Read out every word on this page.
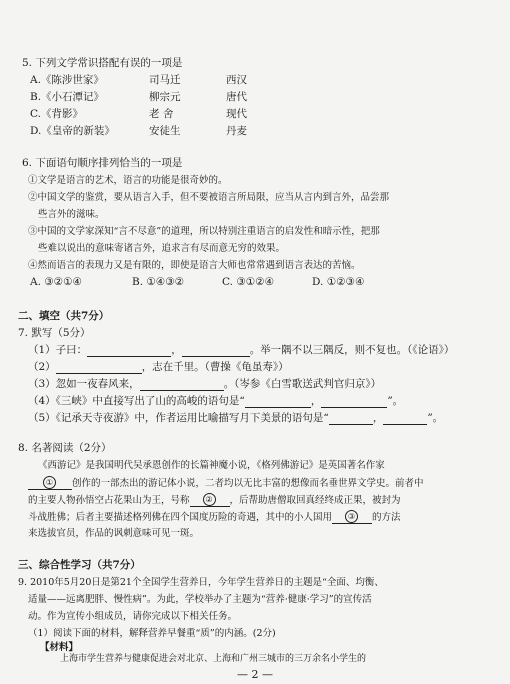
5. 下列文学常识搭配有误的一项是
A.《陈涉世家》	司马迁	西汉
B.《小石潭记》	柳宗元	唐代
C.《背影》	老 舍	现代
D.《皇帝的新装》	安徒生	丹麦
6. 下面语句顺序排列恰当的一项是
①文学是语言的艺术，语言的功能是很奇妙的。
②中国文学的鉴赏，要从语言入手，但不要被语言所局限，应当从言内到言外，品尝那
些言外的滋味。
③中国的文学家深知“言不尽意”的道理，所以特别注重语言的启发性和暗示性，把那
些难以说出的意味寄诸言外，追求言有尽而意无穷的效果。
④然而语言的表现力又是有限的，即使是语言大师也常常遇到语言表达的苦恼。
A. ③②①④	B. ①④③②	C. ③①②④	D. ①②③④
二、填空（共7分）
7. 默写（5分）
（1）子曰：	，	。举一隅不以三隅反，则不复也。（《论语》）
（2）	，志在千里。（曹操《龟虽寿》）
（3）忽如一夜春风来，	。（岑参《白雪歌送武判官归京》）
（4）《三峡》中直接写出了山的高峻的语句是“	，	”。
（5）《记承天寺夜游》中，作者运用比喻描写月下美景的语句是“	，	”。
8. 名著阅读（2分）
《西游记》是我国明代吴承恩创作的长篇神魔小说，《格列佛游记》是英国著名作家
① 创作的一部杰出的游记体小说，二者均以无比丰富的想像而名垂世界文学史。前者中
的主要人物孙悟空占花果山为王，号称 ② ，后帮助唐僧取回真经终成正果，被封为
斗战胜佛；后者主要描述格列佛在四个国度历险的奇遇，其中的小人国用 ③ 的方法
来选拔官员，作品的讽刺意味可见一斑。
三、综合性学习（共7分）
9. 2010年5月20日是第21个全国学生营养日，今年学生营养日的主题是“全面、均衡、
适量——远离肥胖、慢性病”。为此，学校举办了主题为“营养·健康·学习”的宣传活
动。作为宣传小组成员，请你完成以下相关任务。
（1）阅读下面的材料，解释营养早餐重“质”的内涵。(2分)
【材料】
上海市学生营养与健康促进会对北京、上海和广州三城市的三万余名小学生的
— 2 —
